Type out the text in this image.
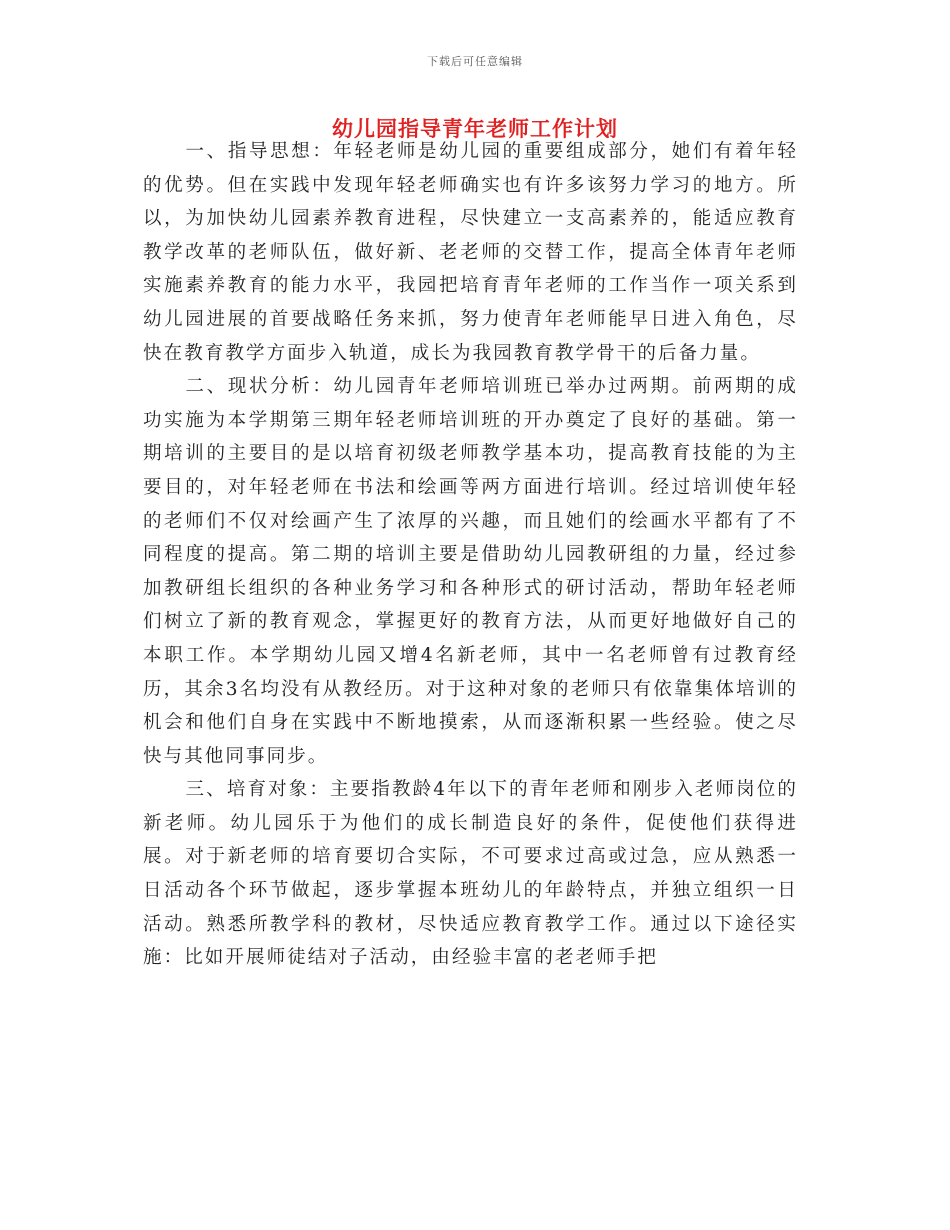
下载后可任意编辑
幼儿园指导青年老师工作计划

一、指导思想：年轻老师是幼儿园的重要组成部分，她们有着年轻的优势。但在实践中发现年轻老师确实也有许多该努力学习的地方。所以，为加快幼儿园素养教育进程，尽快建立一支高素养的，能适应教育教学改革的老师队伍，做好新、老老师的交替工作，提高全体青年老师实施素养教育的能力水平，我园把培育青年老师的工作当作一项关系到幼儿园进展的首要战略任务来抓，努力使青年老师能早日进入角色，尽快在教育教学方面步入轨道，成长为我园教育教学骨干的后备力量。

二、现状分析：幼儿园青年老师培训班已举办过两期。前两期的成功实施为本学期第三期年轻老师培训班的开办奠定了良好的基础。第一期培训的主要目的是以培育初级老师教学基本功，提高教育技能的为主要目的，对年轻老师在书法和绘画等两方面进行培训。经过培训使年轻的老师们不仅对绘画产生了浓厚的兴趣，而且她们的绘画水平都有了不同程度的提高。第二期的培训主要是借助幼儿园教研组的力量，经过参加教研组长组织的各种业务学习和各种形式的研讨活动，帮助年轻老师们树立了新的教育观念，掌握更好的教育方法，从而更好地做好自己的本职工作。本学期幼儿园又增4名新老师，其中一名老师曾有过教育经历，其余3名均没有从教经历。对于这种对象的老师只有依靠集体培训的机会和他们自身在实践中不断地摸索，从而逐渐积累一些经验。使之尽快与其他同事同步。

三、培育对象：主要指教龄4年以下的青年老师和刚步入老师岗位的新老师。幼儿园乐于为他们的成长制造良好的条件，促使他们获得进展。对于新老师的培育要切合实际，不可要求过高或过急，应从熟悉一日活动各个环节做起，逐步掌握本班幼儿的年龄特点，并独立组织一日活动。熟悉所教学科的教材，尽快适应教育教学工作。通过以下途径实施：比如开展师徒结对子活动，由经验丰富的老老师手把
